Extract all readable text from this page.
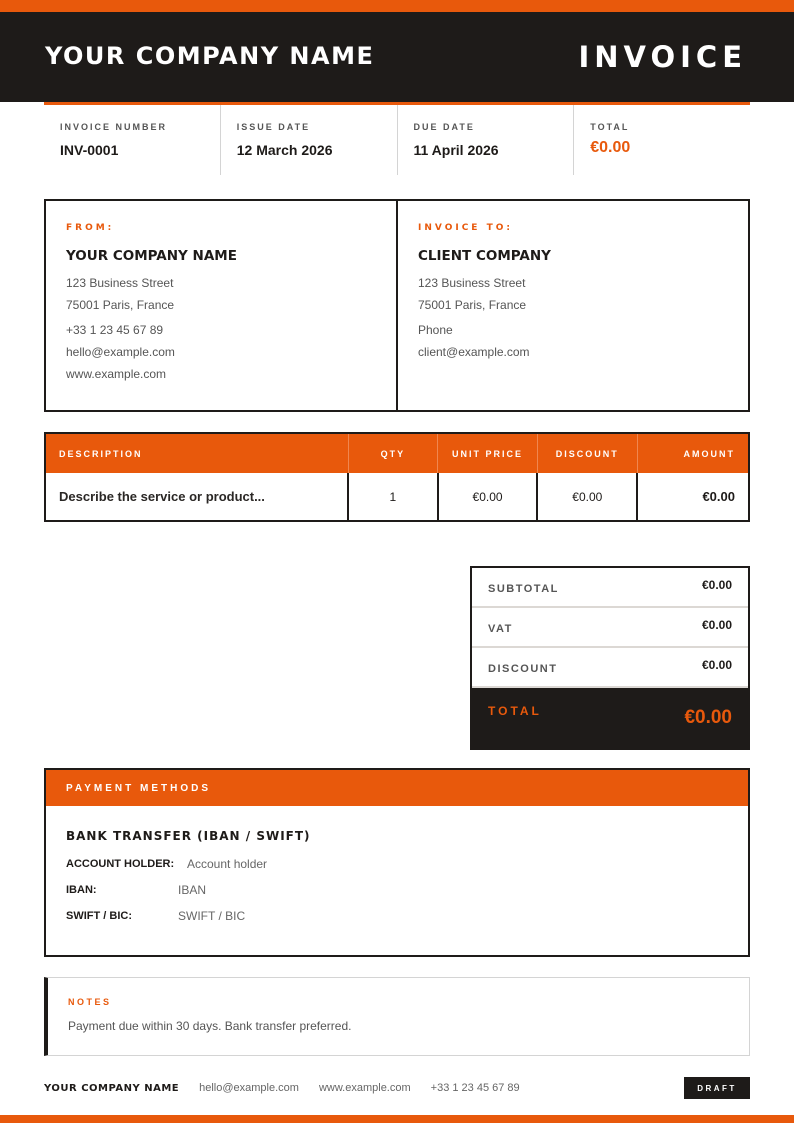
YOUR COMPANY NAME	INVOICE
INVOICE NUMBER
INV-0001
ISSUE DATE
12 March 2026
DUE DATE
11 April 2026
TOTAL
€0.00
FROM:
YOUR COMPANY NAME
123 Business Street
75001 Paris, France
+33 1 23 45 67 89
hello@example.com
www.example.com
INVOICE TO:
CLIENT COMPANY
123 Business Street
75001 Paris, France
Phone
client@example.com
DESCRIPTION	QTY	UNIT PRICE	DISCOUNT	AMOUNT
Describe the service or product...	1	€0.00	€0.00	€0.00
SUBTOTAL	€0.00
VAT	€0.00
DISCOUNT	€0.00
TOTAL	€0.00
PAYMENT METHODS
BANK TRANSFER (IBAN / SWIFT)
ACCOUNT HOLDER:	Account holder
IBAN:	IBAN
SWIFT / BIC:	SWIFT / BIC
NOTES
Payment due within 30 days. Bank transfer preferred.
YOUR COMPANY NAME hello@example.com www.example.com +33 1 23 45 67 89	DRAFT
